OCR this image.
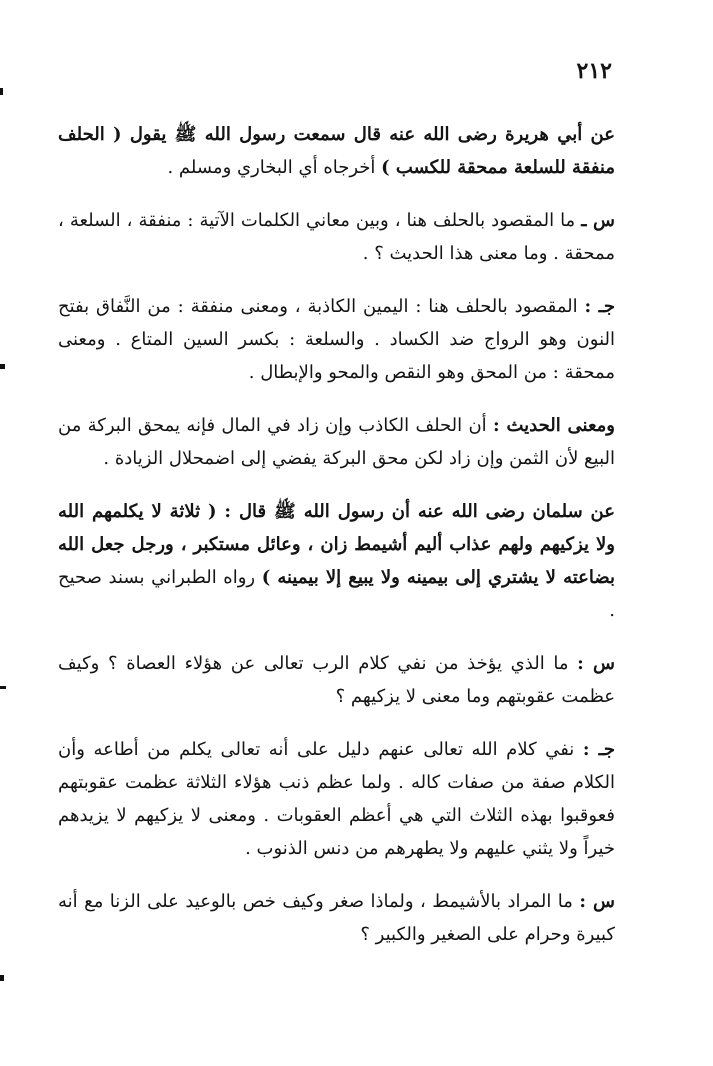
٢١٢

عن أبي هريرة رضى الله عنه قال سمعت رسول الله ﷺ يقول ( الحلف منفقة للسلعة ممحقة للكسب ) أخرجاه أي البخاري ومسلم .

س ـ ما المقصود بالحلف هنا ، وبين معاني الكلمات الآتية : منفقة ، السلعة ، ممحقة . وما معنى هذا الحديث ؟ .

جـ : المقصود بالحلف هنا : اليمين الكاذبة ، ومعنى منفقة : من النَّفاق بفتح النون وهو الرواج ضد الكساد . والسلعة : بكسر السين المتاع . ومعنى ممحقة : من المحق وهو النقص والمحو والإبطال .

ومعنى الحديث : أن الحلف الكاذب وإن زاد في المال فإنه يمحق البركة من البيع لأن الثمن وإن زاد لكن محق البركة يفضي إلى اضمحلال الزيادة .

عن سلمان رضى الله عنه أن رسول الله ﷺ قال : ( ثلاثة لا يكلمهم الله ولا يزكيهم ولهم عذاب أليم أشيمط زان ، وعائل مستكبر ، ورجل جعل الله بضاعته لا يشتري إلى بيمينه ولا يبيع إلا بيمينه ) رواه الطبراني بسند صحيح .

س : ما الذي يؤخذ من نفي كلام الرب تعالى عن هؤلاء العصاة ؟ وكيف عظمت عقوبتهم وما معنى لا يزكيهم ؟

جـ : نفي كلام الله تعالى عنهم دليل على أنه تعالى يكلم من أطاعه وأن الكلام صفة من صفات كاله . ولما عظم ذنب هؤلاء الثلاثة عظمت عقوبتهم فعوقبوا بهذه الثلاث التي هي أعظم العقوبات . ومعنى لا يزكيهم لا يزيدهم خيراً ولا يثني عليهم ولا يطهرهم من دنس الذنوب .

س : ما المراد بالأشيمط ، ولماذا صغر وكيف خص بالوعيد على الزنا مع أنه كبيرة وحرام على الصغير والكبير ؟
